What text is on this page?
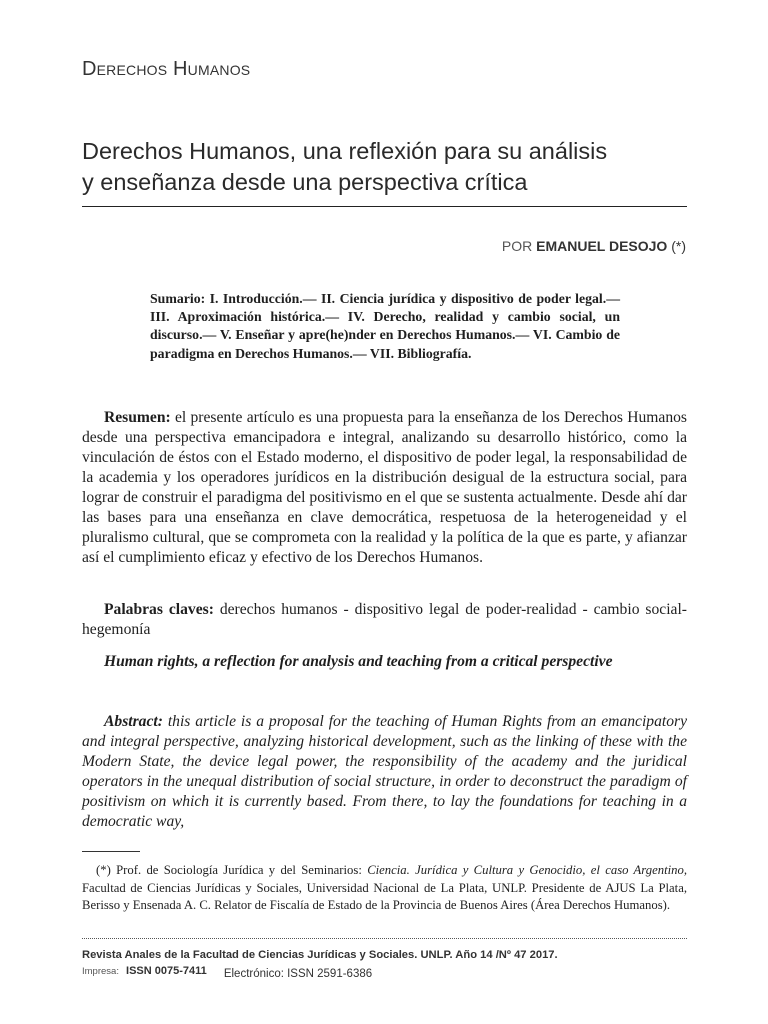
Derechos Humanos
Derechos Humanos, una reflexión para su análisis
y enseñanza desde una perspectiva crítica
POR EMANUEL DESOJO (*)
Sumario: I. Introducción.— II. Ciencia jurídica y dispositivo de poder legal.— III. Aproximación histórica.— IV. Derecho, realidad y cambio social, un discurso.— V. Enseñar y apre(he)nder en Derechos Humanos.— VI. Cambio de paradigma en Derechos Humanos.— VII. Bibliografía.
Resumen: el presente artículo es una propuesta para la enseñanza de los Derechos Humanos desde una perspectiva emancipadora e integral, analizando su desarrollo histórico, como la vinculación de éstos con el Estado moderno, el dispositivo de poder legal, la responsabilidad de la academia y los operadores jurídicos en la distribución desigual de la estructura social, para lograr de construir el paradigma del positivismo en el que se sustenta actualmente. Desde ahí dar las bases para una enseñanza en clave democrática, respetuosa de la heterogeneidad y el pluralismo cultural, que se comprometa con la realidad y la política de la que es parte, y afianzar así el cumplimiento eficaz y efectivo de los Derechos Humanos.
Palabras claves: derechos humanos - dispositivo legal de poder-realidad - cambio social- hegemonía
Human rights, a reflection for analysis and teaching from a critical perspective
Abstract: this article is a proposal for the teaching of Human Rights from an emancipatory and integral perspective, analyzing historical development, such as the linking of these with the Modern State, the device legal power, the responsibility of the academy and the juridical operators in the unequal distribution of social structure, in order to deconstruct the paradigm of positivism on which it is currently based. From there, to lay the foundations for teaching in a democratic way,
(*) Prof. de Sociología Jurídica y del Seminarios: Ciencia. Jurídica y Cultura y Genocidio, el caso Argentino, Facultad de Ciencias Jurídicas y Sociales, Universidad Nacional de La Plata, UNLP. Presidente de AJUS La Plata, Berisso y Ensenada A. C. Relator de Fiscalía de Estado de la Provincia de Buenos Aires (Área Derechos Humanos).
Revista Anales de la Facultad de Ciencias Jurídicas y Sociales. UNLP. Año 14 /Nº 47 2017.
Impresa: ISSN 0075-7411 Electrónico: ISSN 2591-6386
